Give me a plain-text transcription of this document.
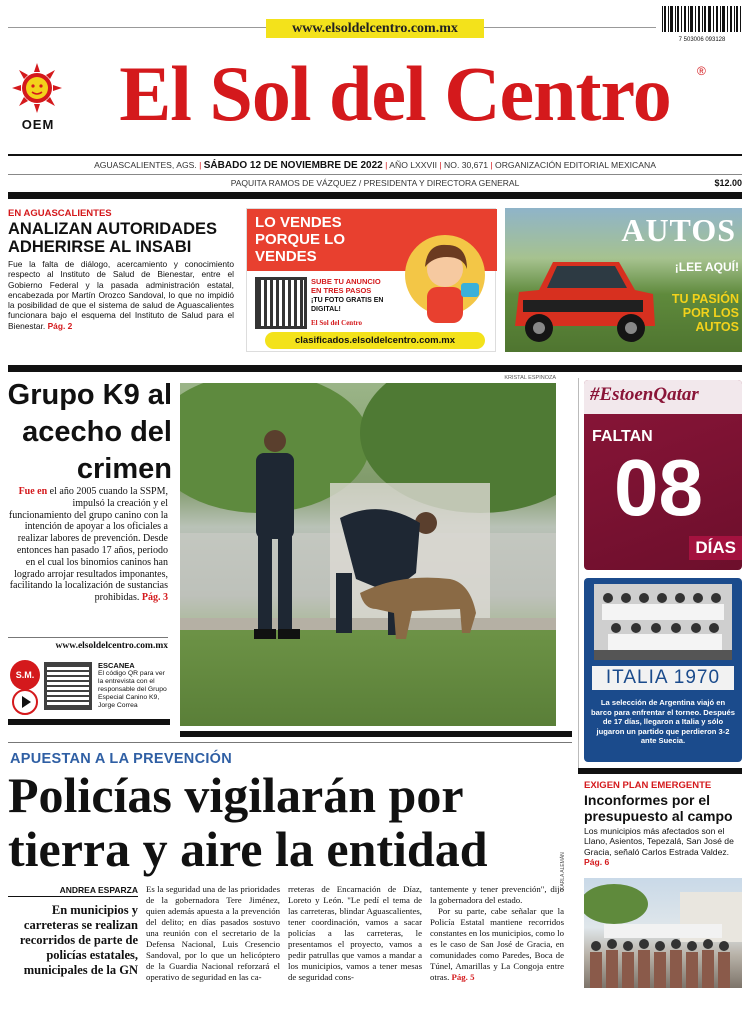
www.elsoldelcentro.com.mx
7 503006 093128
OEM El Sol del Centro	®
AGUASCALIENTES, AGS. | SÁBADO 12 DE NOVIEMBRE DE 2022 | AÑO LXXVII | NO. 30,671 | ORGANIZACIÓN EDITORIAL MEXICANA
PAQUITA RAMOS DE VÁZQUEZ / PRESIDENTA Y DIRECTORA GENERAL	$12.00
EN AGUASCALIENTES
ANALIZAN AUTORIDADES ADHERIRSE AL INSABI

Fue la falta de diálogo, acercamiento y conocimiento respecto al Instituto de Salud de Bienestar, entre el Gobierno Federal y la pasada administración estatal, encabezada por Martín Orozco Sandoval, lo que no impidió la posibilidad de que el sistema de salud de Aguascalientes funcionara bajo el esquema del Instituto de Salud para el Bienestar. Pág. 2

LO VENDES PORQUE LO VENDES
SUBE TU ANUNCIO EN TRES PASOS
¡TU FOTO GRATIS EN DIGITAL!
El Sol del Centro
clasificados.elsoldelcentro.com.mx
AUTOS
¡LEE AQUÍ!
TU PASIÓN POR LOS AUTOS
Grupo K9 al acecho del crimen

Fue en el año 2005 cuando la SSPM, impulsó la creación y el funcionamiento del grupo canino con la intención de apoyar a los oficiales a realizar labores de prevención. Desde entonces han pasado 17 años, periodo en el cual los binomios caninos han logrado arrojar resultados imponantes, facilitando la localización de sustancias prohibidas. Pág. 3

www.elsoldelcentro.com.mx
S.M.
ESCANEA
El código QR para ver la entrevista con el responsable del Grupo Especial Canino K9, Jorge Correa
KRISTAL ESPINOZA
#EstoenQatar
FALTAN
08
DÍAS
ITALIA 1970
La selección de Argentina viajó en barco para enfrentar el torneo. Después de 17 días, llegaron a Italia y sólo jugaron un partido que perdieron 3-2 ante Suecia.
APUESTAN A LA PREVENCIÓN
Policías vigilarán por tierra y aire la entidad
ANDREA ESPARZA
En municipios y carreteras se realizan recorridos de parte de policías estatales, municipales de la GN

Es la seguridad una de las prioridades de la gobernadora Tere Jiménez, quien además apuesta a la prevención del delito; en días pasados sostuvo una reunión con el secretario de la Defensa Nacional, Luis Cresencio Sandoval, por lo que un helicóptero de la Guardia Nacional reforzará el operativo de seguridad en las ca-

rreteras de Encarnación de Díaz, Loreto y León. "Le pedí el tema de las carreteras, blindar Aguascalientes, tener coordinación, vamos a sacar policías a las carreteras, le presentamos el proyecto, vamos a pedir patrullas que vamos a mandar a los municipios, vamos a tener mesas de seguridad cons-

tantemente y tener prevención", dijo la gobernadora del estado.

Por su parte, cabe señalar que la Policía Estatal mantiene recorridos constantes en los municipios, como lo es le caso de San José de Gracia, en comunidades como Paredes, Boca de Túnel, Amarillas y La Congoja entre otras. Pág. 5

EXIGEN PLAN EMERGENTE
Inconformes por el presupuesto al campo

Los municipios más afectados son el Llano, Asientos, Tepezalá, San José de Gracia, señaló Carlos Estrada Valdez. Pág. 6

KARLA ALEMÁN
